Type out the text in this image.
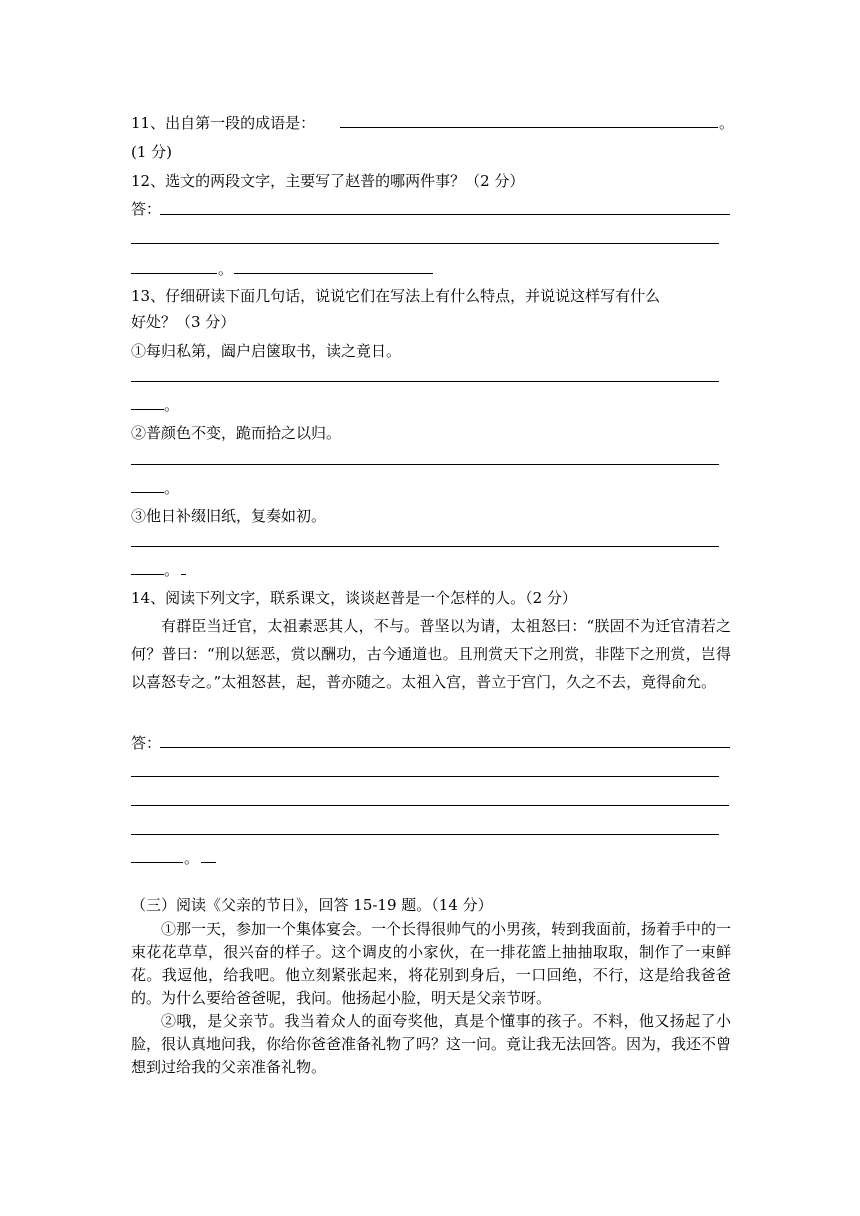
11、出自第一段的成语是：	。
(1 分)
12、选文的两段文字，主要写了赵普的哪两件事？（2 分）
答：
。
13、仔细研读下面几句话，说说它们在写法上有什么特点，并说说这样写有什么
好处？（3 分）
①每归私第，阖户启箧取书，读之竟日。
。
②普颜色不变，跪而拾之以归。
。
③他日补缀旧纸，复奏如初。
。
14、阅读下列文字，联系课文，谈谈赵普是一个怎样的人。（2 分）
有群臣当迁官，太祖素恶其人，不与。普坚以为请，太祖怒曰：“朕固不为迁官清若之何？普曰：“刑以惩恶，赏以酬功，古今通道也。且刑赏天下之刑赏，非陛下之刑赏，岂得以喜怒专之。”太祖怒甚，起，普亦随之。太祖入宫，普立于宫门，久之不去，竟得俞允。
答：
。
（三）阅读《父亲的节日》，回答 15-19 题。（14 分）
①那一天，参加一个集体宴会。一个长得很帅气的小男孩，转到我面前，扬着手中的一束花花草草，很兴奋的样子。这个调皮的小家伙，在一排花篮上抽抽取取，制作了一束鲜花。我逗他，给我吧。他立刻紧张起来，将花别到身后，一口回绝，不行，这是给我爸爸的。为什么要给爸爸呢，我问。他扬起小脸，明天是父亲节呀。
②哦，是父亲节。我当着众人的面夸奖他，真是个懂事的孩子。不料，他又扬起了小脸，很认真地问我，你给你爸爸准备礼物了吗？这一问。竟让我无法回答。因为，我还不曾想到过给我的父亲准备礼物。
